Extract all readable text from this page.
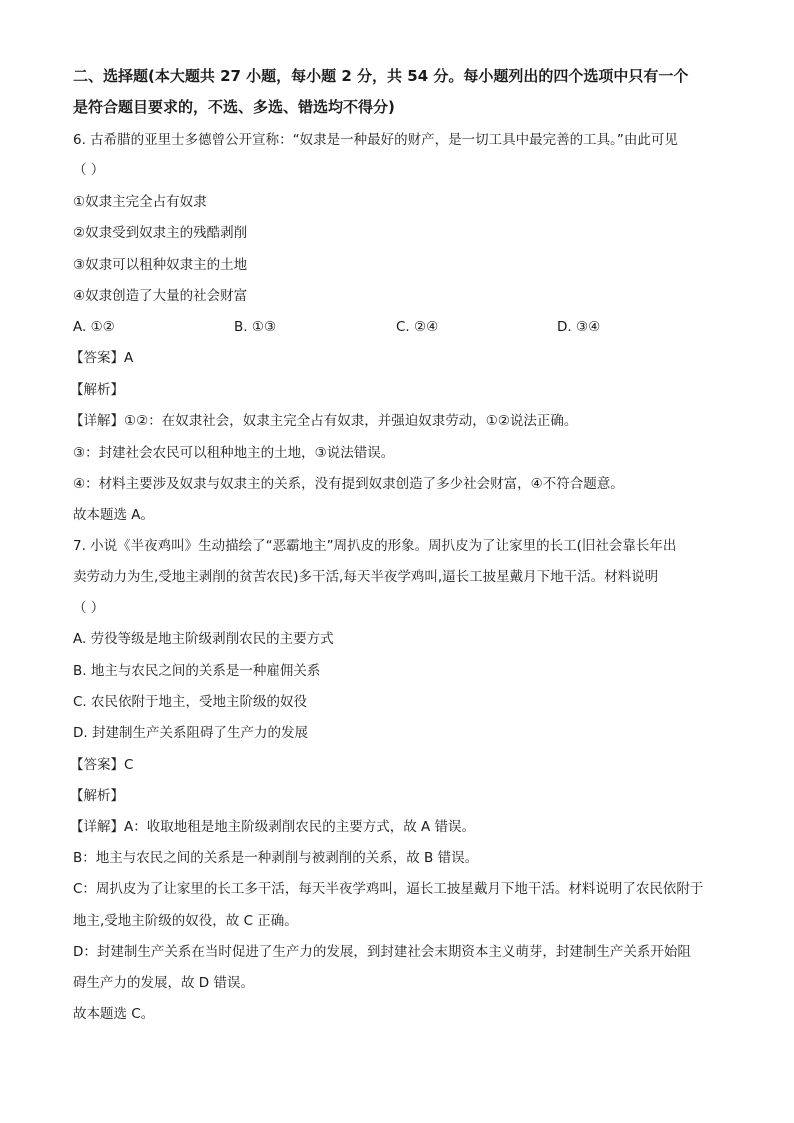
二、选择题(本大题共 27 小题，每小题 2 分，共 54 分。每小题列出的四个选项中只有一个
是符合题目要求的，不选、多选、错选均不得分)
6. 古希腊的亚里士多德曾公开宣称：“奴隶是一种最好的财产，是一切工具中最完善的工具。”由此可见
（ ）
①奴隶主完全占有奴隶
②奴隶受到奴隶主的残酷剥削
③奴隶可以租种奴隶主的土地
④奴隶创造了大量的社会财富
A. ①②	B. ①③	C. ②④	D. ③④
【答案】A
【解析】
【详解】①②：在奴隶社会，奴隶主完全占有奴隶，并强迫奴隶劳动，①②说法正确。
③：封建社会农民可以租种地主的土地，③说法错误。
④：材料主要涉及奴隶与奴隶主的关系，没有提到奴隶创造了多少社会财富，④不符合题意。
故本题选 A。
7. 小说《半夜鸡叫》生动描绘了“恶霸地主”周扒皮的形象。周扒皮为了让家里的长工(旧社会靠长年出
卖劳动力为生,受地主剥削的贫苦农民)多干活,每天半夜学鸡叫,逼长工披星戴月下地干活。材料说明
（ ）
A. 劳役等级是地主阶级剥削农民的主要方式
B. 地主与农民之间的关系是一种雇佣关系
C. 农民依附于地主，受地主阶级的奴役
D. 封建制生产关系阻碍了生产力的发展
【答案】C
【解析】
【详解】A：收取地租是地主阶级剥削农民的主要方式，故 A 错误。
B：地主与农民之间的关系是一种剥削与被剥削的关系，故 B 错误。
C：周扒皮为了让家里的长工多干活，每天半夜学鸡叫，逼长工披星戴月下地干活。材料说明了农民依附于
地主,受地主阶级的奴役，故 C 正确。
D：封建制生产关系在当时促进了生产力的发展，到封建社会末期资本主义萌芽，封建制生产关系开始阻
碍生产力的发展，故 D 错误。
故本题选 C。
